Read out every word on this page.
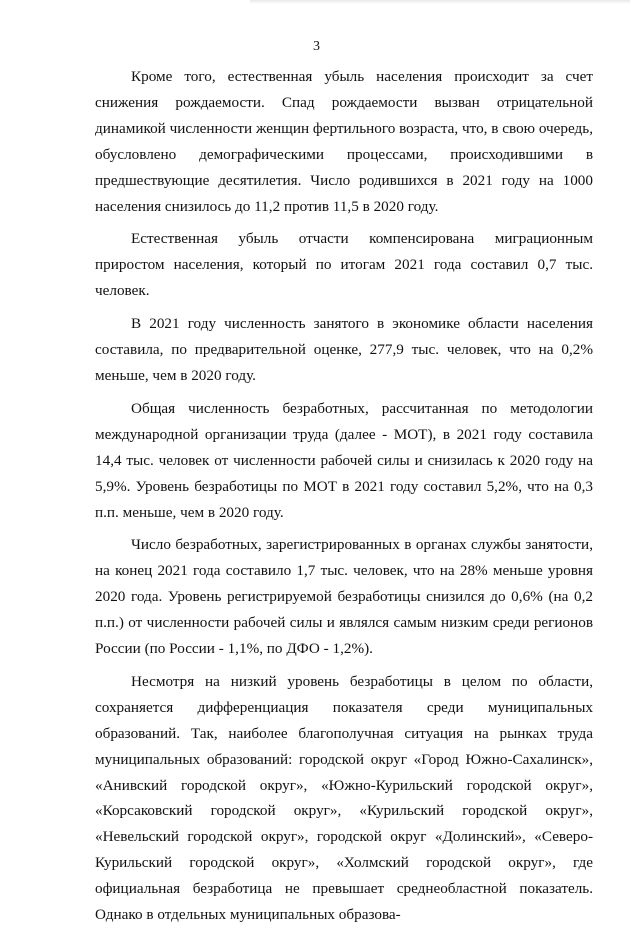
3

Кроме того, естественная убыль населения происходит за счет снижения рождаемости. Спад рождаемости вызван отрицательной динамикой численности женщин фертильного возраста, что, в свою очередь, обусловлено демографическими процессами, происходившими в предшествующие десятилетия. Число родившихся в 2021 году на 1000 населения снизилось до 11,2 против 11,5 в 2020 году.

Естественная убыль отчасти компенсирована миграционным приростом населения, который по итогам 2021 года составил 0,7 тыс. человек.

В 2021 году численность занятого в экономике области населения составила, по предварительной оценке, 277,9 тыс. человек, что на 0,2% меньше, чем в 2020 году.

Общая численность безработных, рассчитанная по методологии международной организации труда (далее - МОТ), в 2021 году составила 14,4 тыс. человек от численности рабочей силы и снизилась к 2020 году на 5,9%. Уровень безработицы по МОТ в 2021 году составил 5,2%, что на 0,3 п.п. меньше, чем в 2020 году.

Число безработных, зарегистрированных в органах службы занятости, на конец 2021 года составило 1,7 тыс. человек, что на 28% меньше уровня 2020 года. Уровень регистрируемой безработицы снизился до 0,6% (на 0,2 п.п.) от численности рабочей силы и являлся самым низким среди регионов России (по России - 1,1%, по ДФО - 1,2%).

Несмотря на низкий уровень безработицы в целом по области, сохраняется дифференциация показателя среди муниципальных образований. Так, наиболее благополучная ситуация на рынках труда муниципальных образований: городской округ «Город Южно-Сахалинск», «Анивский городской округ», «Южно-Курильский городской округ», «Корсаковский городской округ», «Курильский городской округ», «Невельский городской округ», городской округ «Долинский», «Северо-Курильский городской округ», «Холмский городской округ», где официальная безработица не превышает среднеобластной показатель. Однако в отдельных муниципальных образова-
